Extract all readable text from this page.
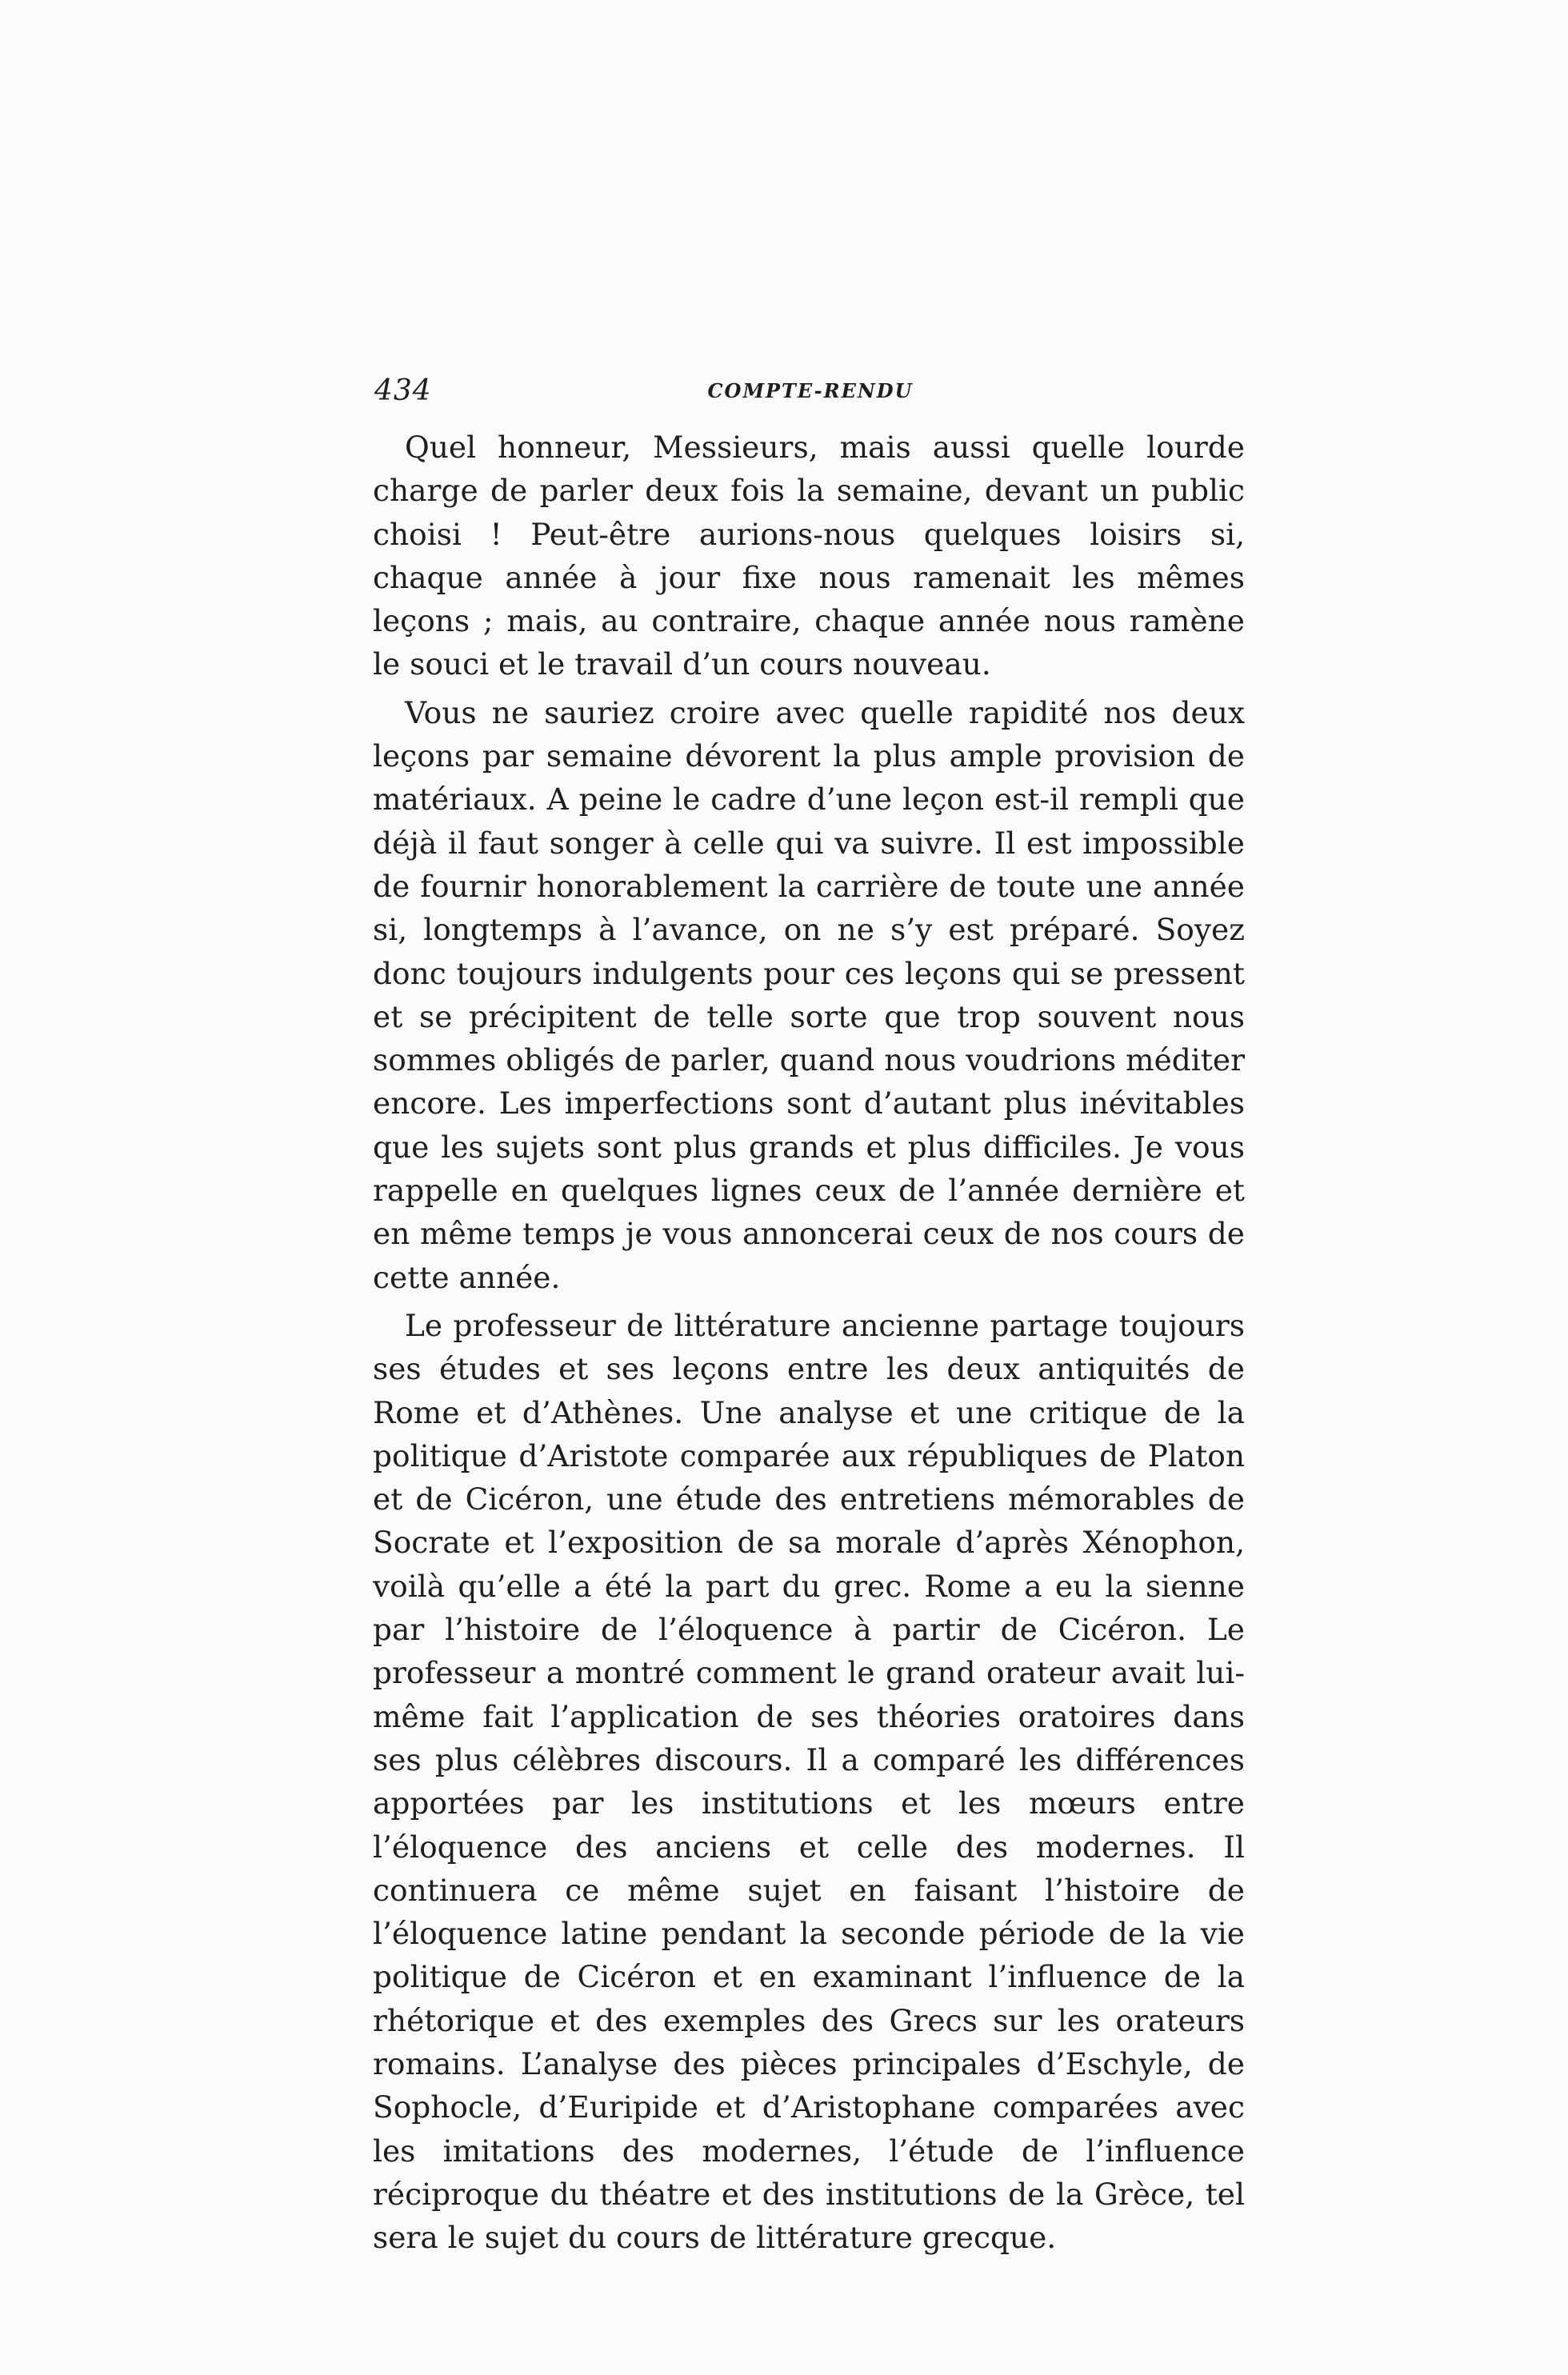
434	COMPTE-RENDU

Quel honneur, Messieurs, mais aussi quelle lourde charge de parler deux fois la semaine, devant un public choisi ! Peut-être aurions-nous quelques loisirs si, chaque année à jour fixe nous ramenait les mêmes leçons ; mais, au contraire, chaque année nous ramène le souci et le travail d’un cours nouveau.

Vous ne sauriez croire avec quelle rapidité nos deux leçons par semaine dévorent la plus ample provision de matériaux. A peine le cadre d’une leçon est-il rempli que déjà il faut songer à celle qui va suivre. Il est impossible de fournir honorablement la carrière de toute une année si, longtemps à l’avance, on ne s’y est préparé. Soyez donc toujours indulgents pour ces leçons qui se pressent et se précipitent de telle sorte que trop souvent nous sommes obligés de parler, quand nous voudrions méditer encore. Les imperfections sont d’autant plus inévitables que les sujets sont plus grands et plus difficiles. Je vous rappelle en quelques lignes ceux de l’année dernière et en même temps je vous annoncerai ceux de nos cours de cette année.

Le professeur de littérature ancienne partage toujours ses études et ses leçons entre les deux antiquités de Rome et d’Athènes. Une analyse et une critique de la politique d’Aristote comparée aux républiques de Platon et de Cicéron, une étude des entretiens mémorables de Socrate et l’exposition de sa morale d’après Xénophon, voilà qu’elle a été la part du grec. Rome a eu la sienne par l’histoire de l’éloquence à partir de Cicéron. Le professeur a montré comment le grand orateur avait lui-même fait l’application de ses théories oratoires dans ses plus célèbres discours. Il a comparé les différences apportées par les institutions et les mœurs entre l’éloquence des anciens et celle des modernes. Il continuera ce même sujet en faisant l’histoire de l’éloquence latine pendant la seconde période de la vie politique de Cicéron et en examinant l’influence de la rhétorique et des exemples des Grecs sur les orateurs romains. L’analyse des pièces principales d’Eschyle, de Sophocle, d’Euripide et d’Aristophane comparées avec les imitations des modernes, l’étude de l’influence réciproque du théatre et des institutions de la Grèce, tel sera le sujet du cours de littérature grecque.
